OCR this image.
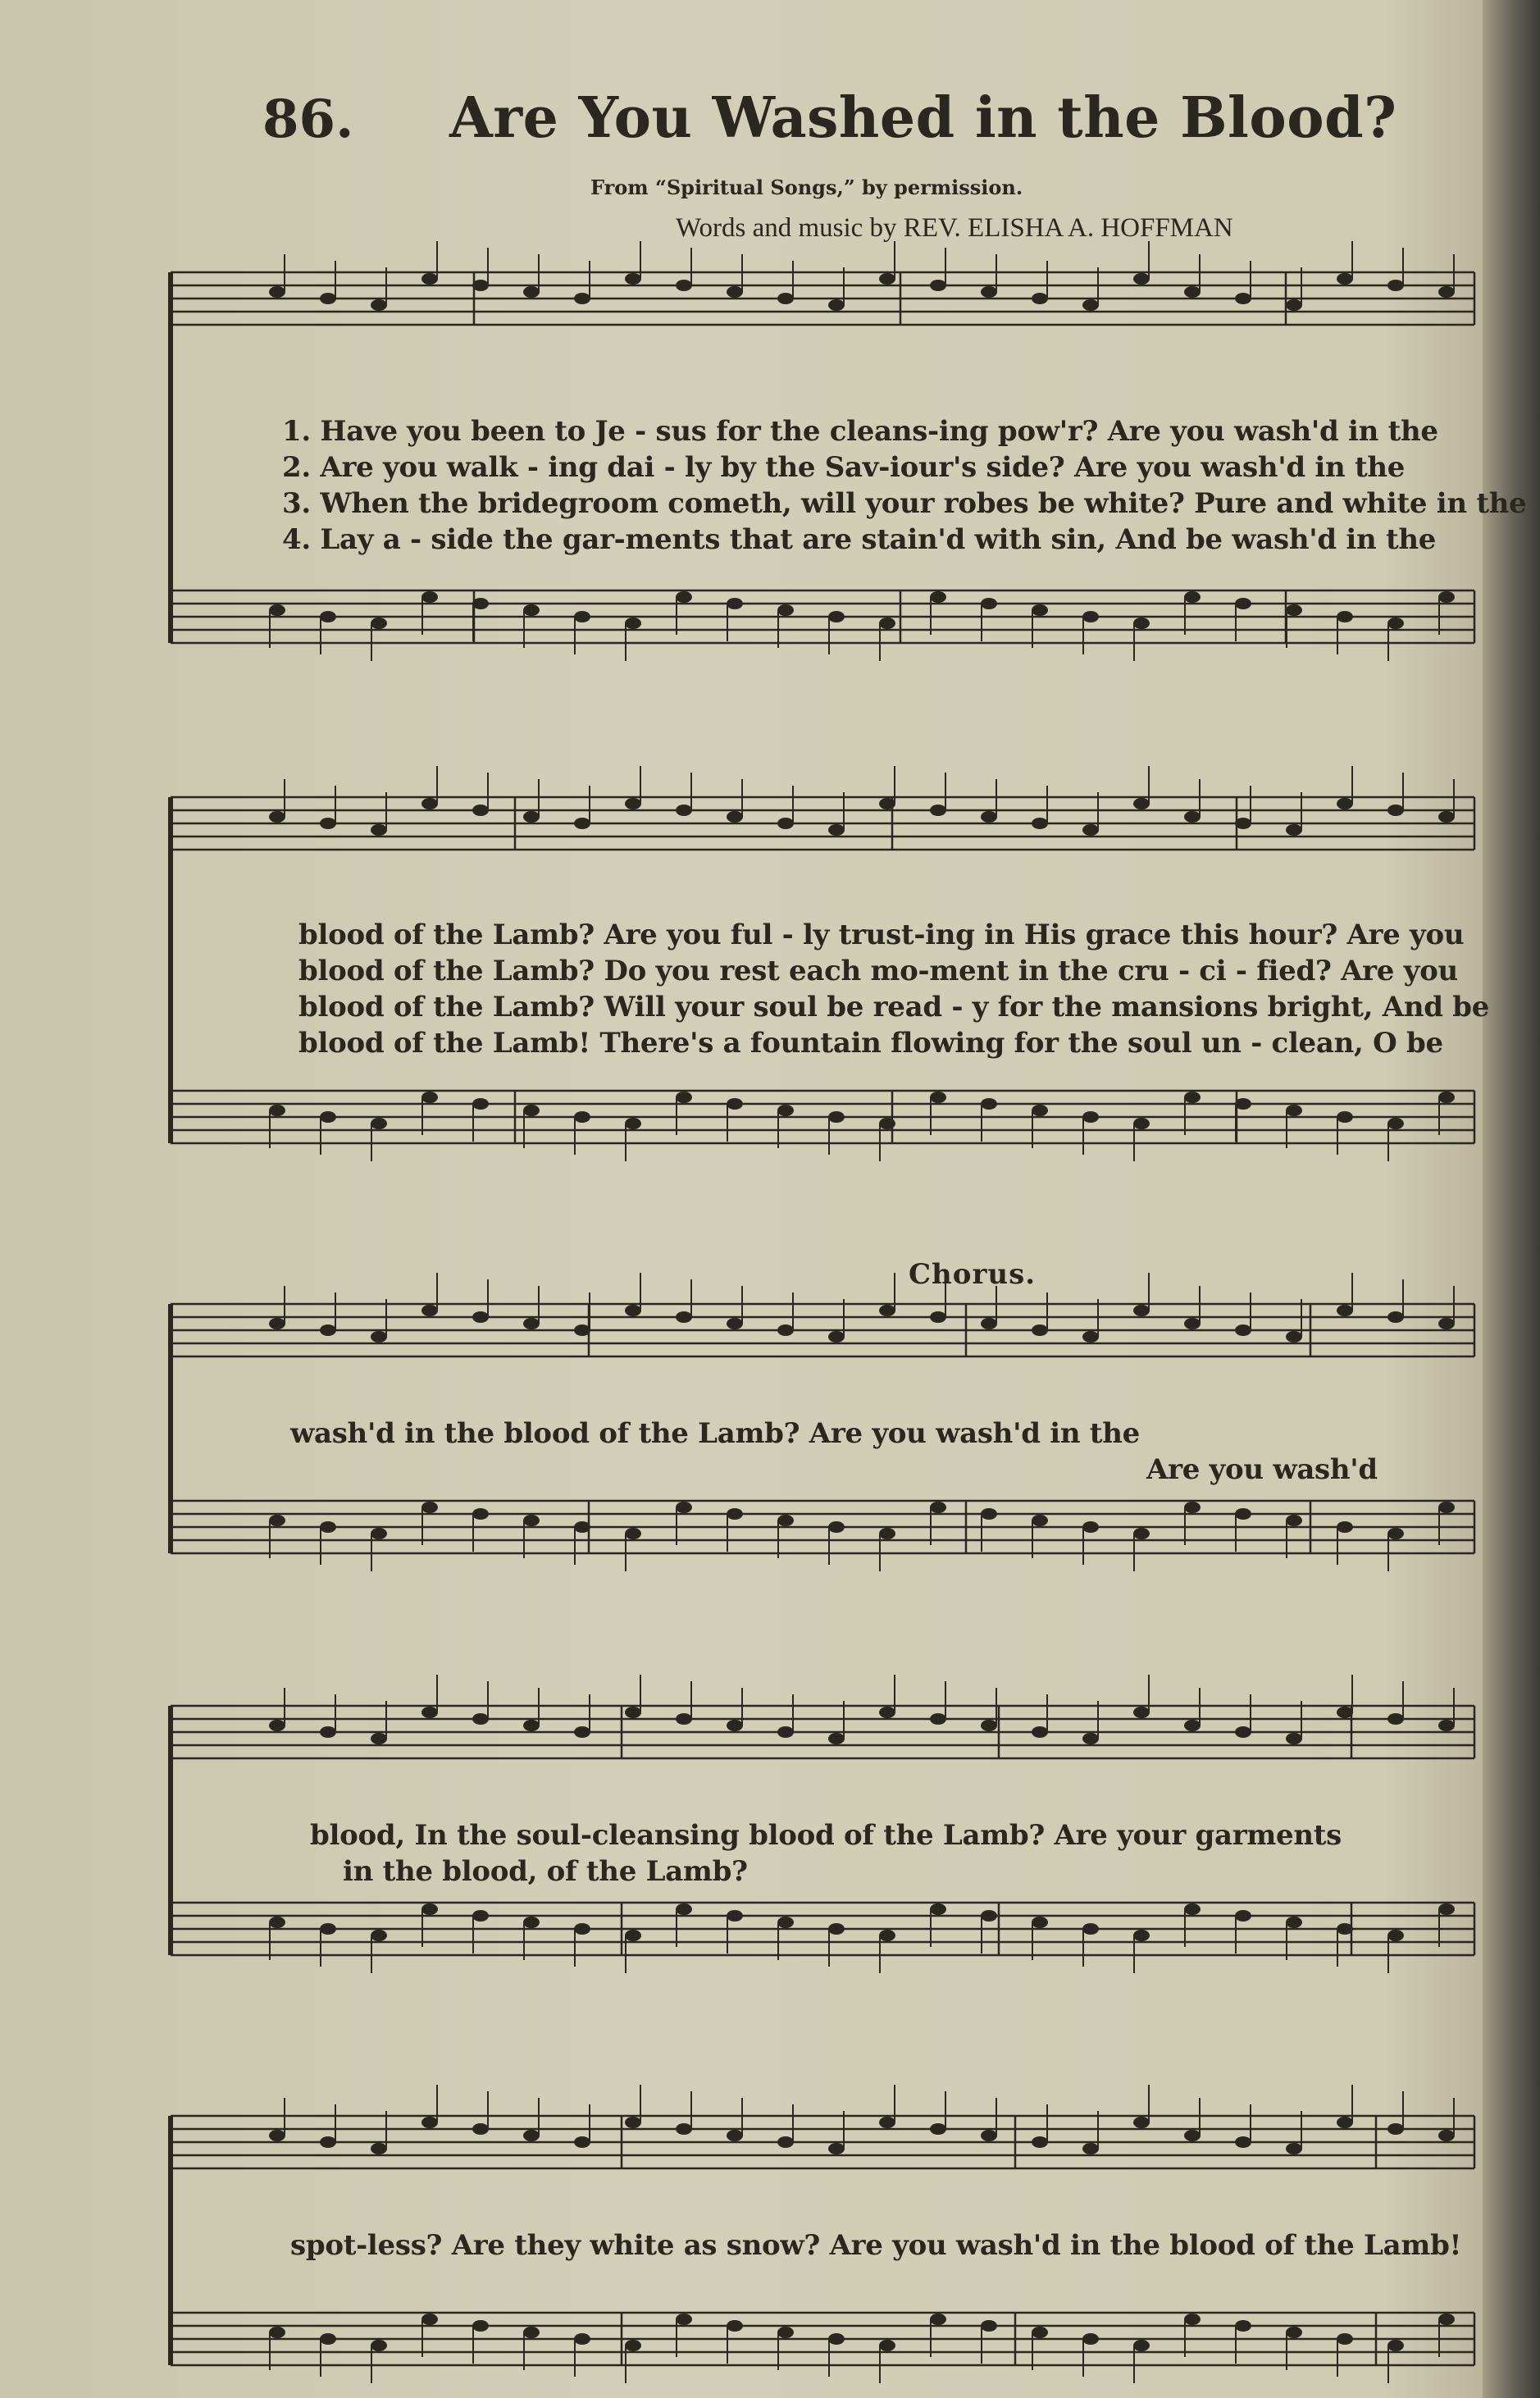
86. Are You Washed in the Blood?
From “Spiritual Songs,” by permission.
Words and music by REV. ELISHA A. HOFFMAN
1. Have you been to Je - sus for the cleans-ing pow'r? Are you wash'd in the
2. Are you walk - ing dai - ly by the Sav-iour's side? Are you wash'd in the
3. When the bridegroom cometh, will your robes be white? Pure and white in the
4. Lay a - side the gar-ments that are stain'd with sin, And be wash'd in the
blood of the Lamb? Are you ful - ly trust-ing in His grace this hour? Are you
blood of the Lamb? Do you rest each mo-ment in the cru - ci - fied? Are you
blood of the Lamb? Will your soul be read - y for the mansions bright, And be
blood of the Lamb! There's a fountain flowing for the soul un - clean, O be
Chorus.
wash'd in the blood of the Lamb? Are you wash'd in the
Are you wash'd
blood, In the soul-cleansing blood of the Lamb? Are your garments
in the blood, of the Lamb?
spot-less? Are they white as snow? Are you wash'd in the blood of the Lamb!
